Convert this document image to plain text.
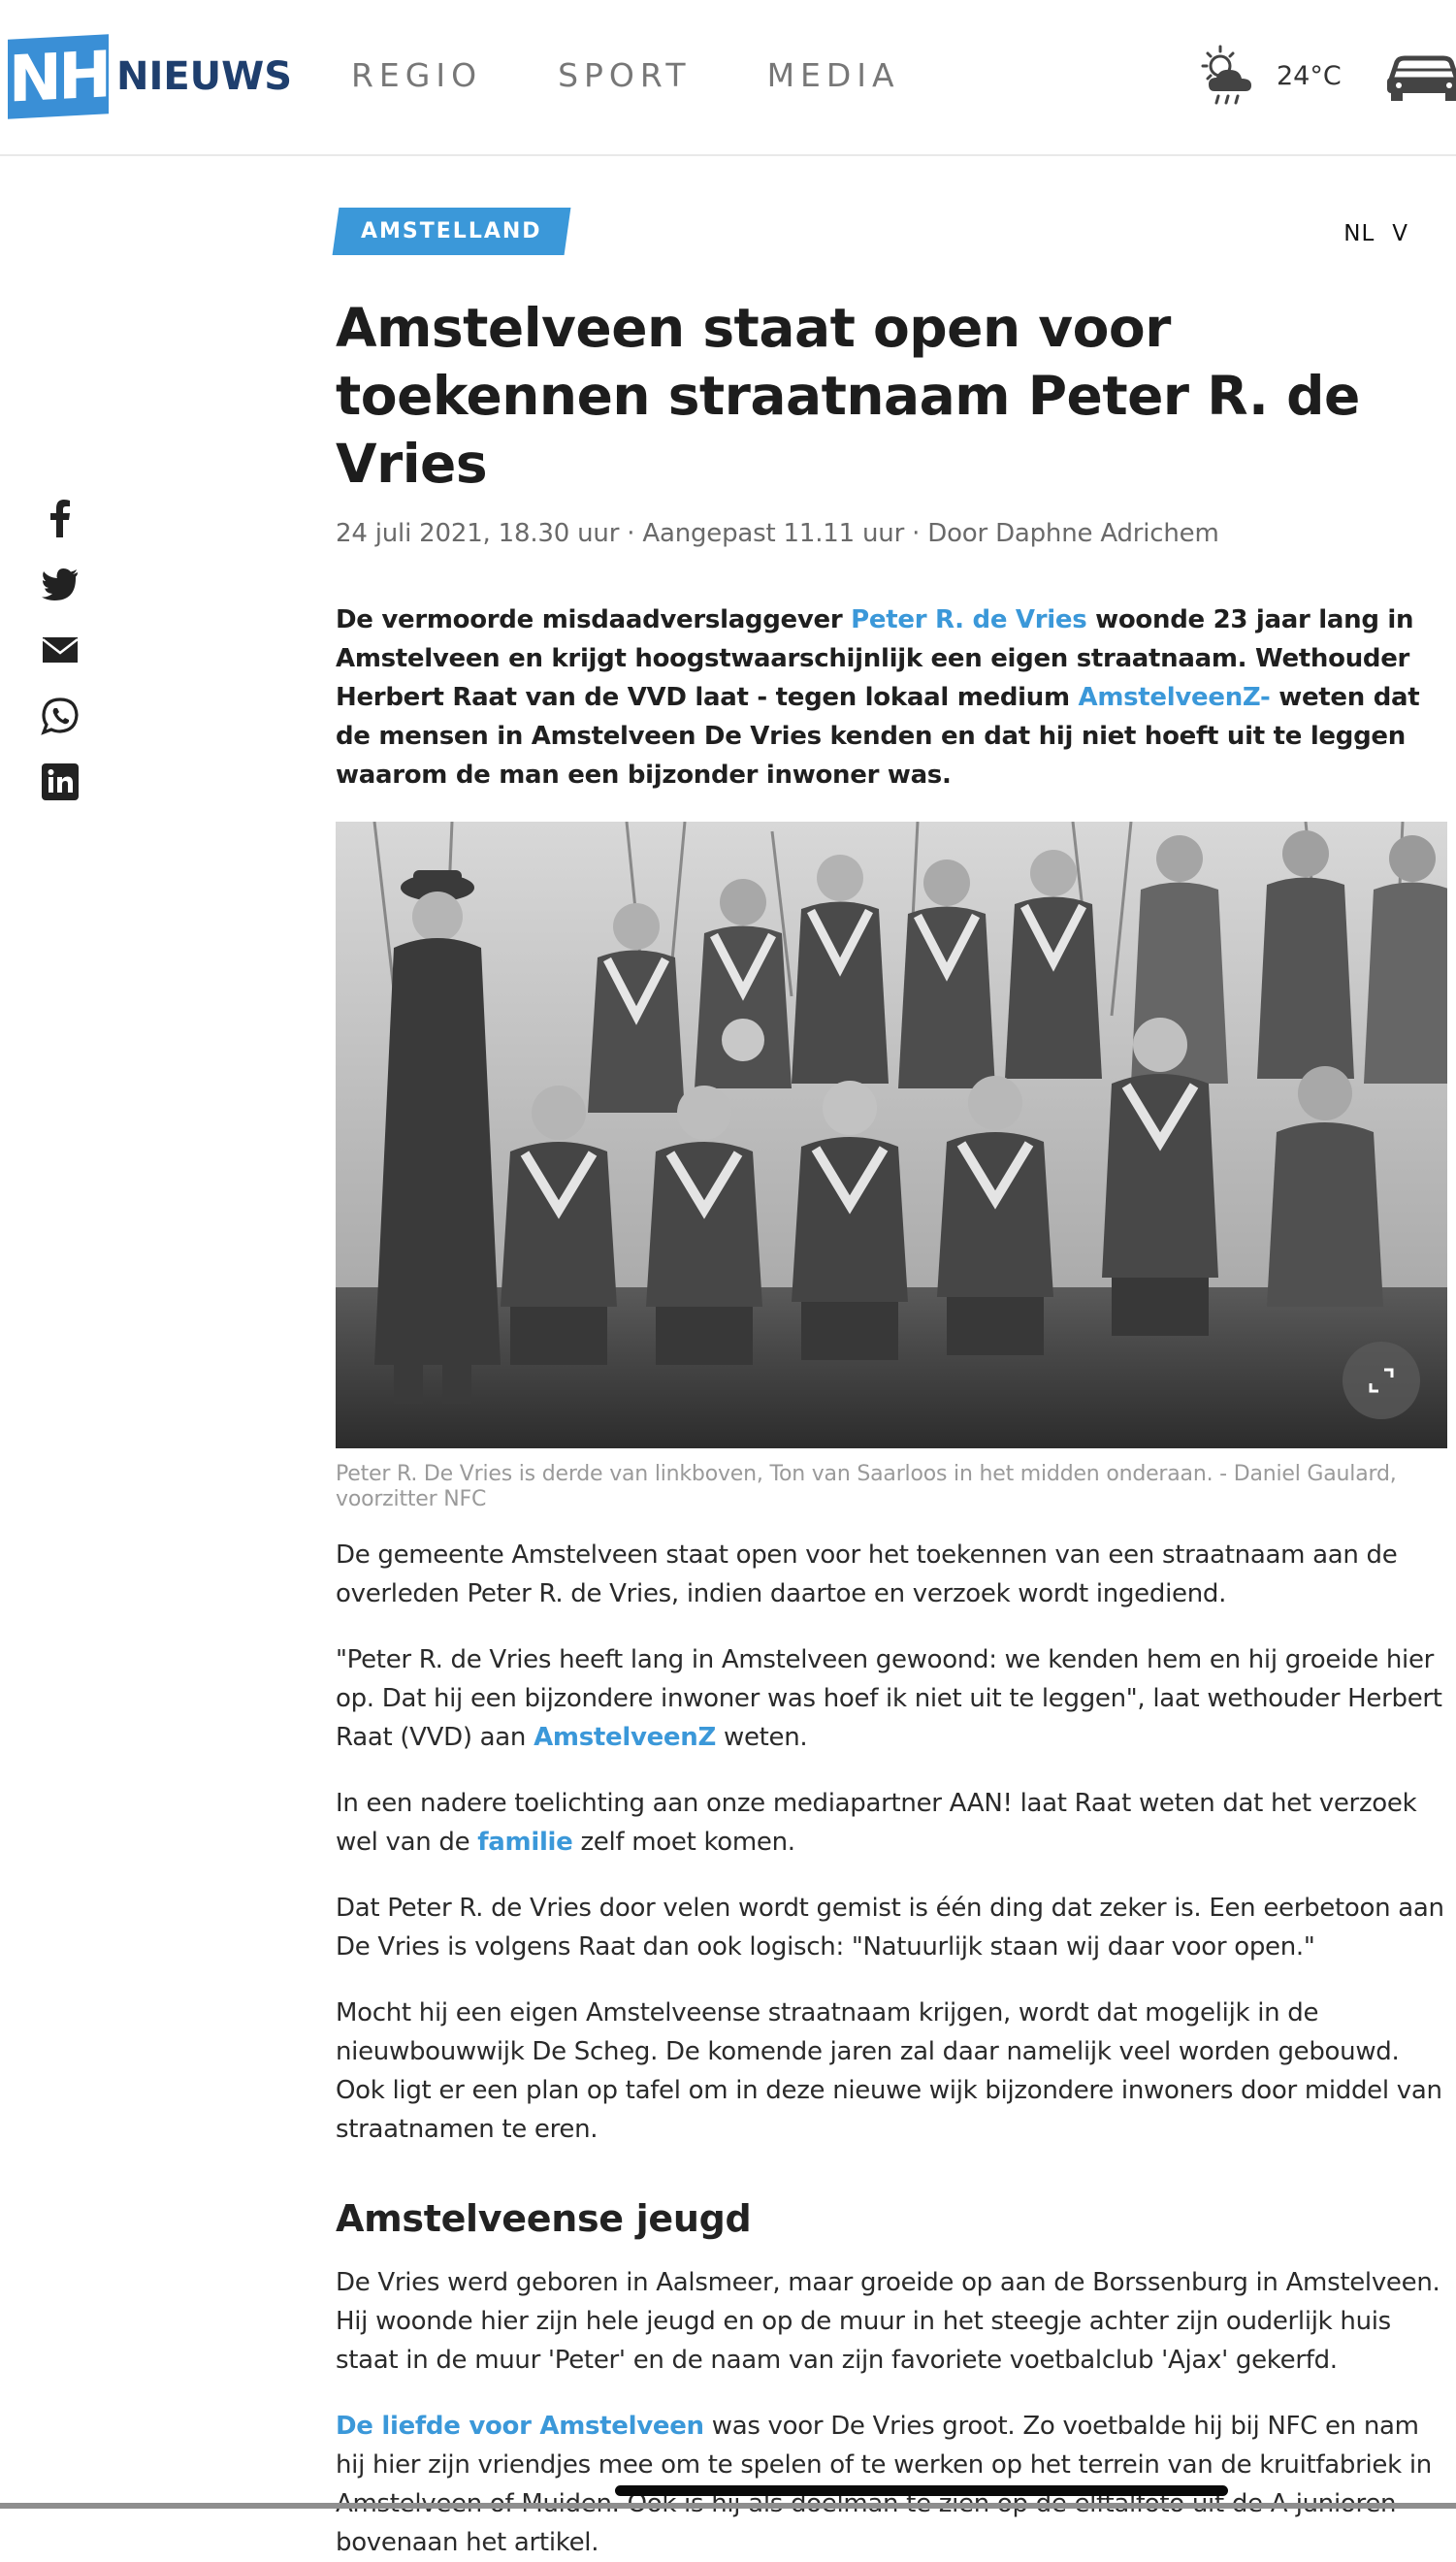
NH NIEUWS REGIO SPORT MEDIA	24°C
AMSTELLAND	NL V
Amstelveen staat open voor toekennen straatnaam Peter R. de Vries
24 juli 2021, 18.30 uur · Aangepast 11.11 uur · Door Daphne Adrichem

De vermoorde misdaadverslaggever Peter R. de Vries woonde 23 jaar lang in Amstelveen en krijgt hoogstwaarschijnlijk een eigen straatnaam. Wethouder Herbert Raat van de VVD laat - tegen lokaal medium AmstelveenZ- weten dat de mensen in Amstelveen De Vries kenden en dat hij niet hoeft uit te leggen waarom de man een bijzonder inwoner was.

Peter R. De Vries is derde van linkboven, Ton van Saarloos in het midden onderaan. - Daniel Gaulard, voorzitter NFC

De gemeente Amstelveen staat open voor het toekennen van een straatnaam aan de overleden Peter R. de Vries, indien daartoe en verzoek wordt ingediend.

"Peter R. de Vries heeft lang in Amstelveen gewoond: we kenden hem en hij groeide hier op. Dat hij een bijzondere inwoner was hoef ik niet uit te leggen", laat wethouder Herbert Raat (VVD) aan AmstelveenZ weten.

In een nadere toelichting aan onze mediapartner AAN! laat Raat weten dat het verzoek wel van de familie zelf moet komen.

Dat Peter R. de Vries door velen wordt gemist is één ding dat zeker is. Een eerbetoon aan De Vries is volgens Raat dan ook logisch: "Natuurlijk staan wij daar voor open."

Mocht hij een eigen Amstelveense straatnaam krijgen, wordt dat mogelijk in de nieuwbouwwijk De Scheg. De komende jaren zal daar namelijk veel worden gebouwd. Ook ligt er een plan op tafel om in deze nieuwe wijk bijzondere inwoners door middel van straatnamen te eren.

Amstelveense jeugd

De Vries werd geboren in Aalsmeer, maar groeide op aan de Borssenburg in Amstelveen. Hij woonde hier zijn hele jeugd en op de muur in het steegje achter zijn ouderlijk huis staat in de muur 'Peter' en de naam van zijn favoriete voetbalclub 'Ajax' gekerfd.

De liefde voor Amstelveen was voor De Vries groot. Zo voetbalde hij bij NFC en nam hij hier zijn vriendjes mee om te spelen of te werken op het terrein van de kruitfabriek in bovenaan het artikel.
